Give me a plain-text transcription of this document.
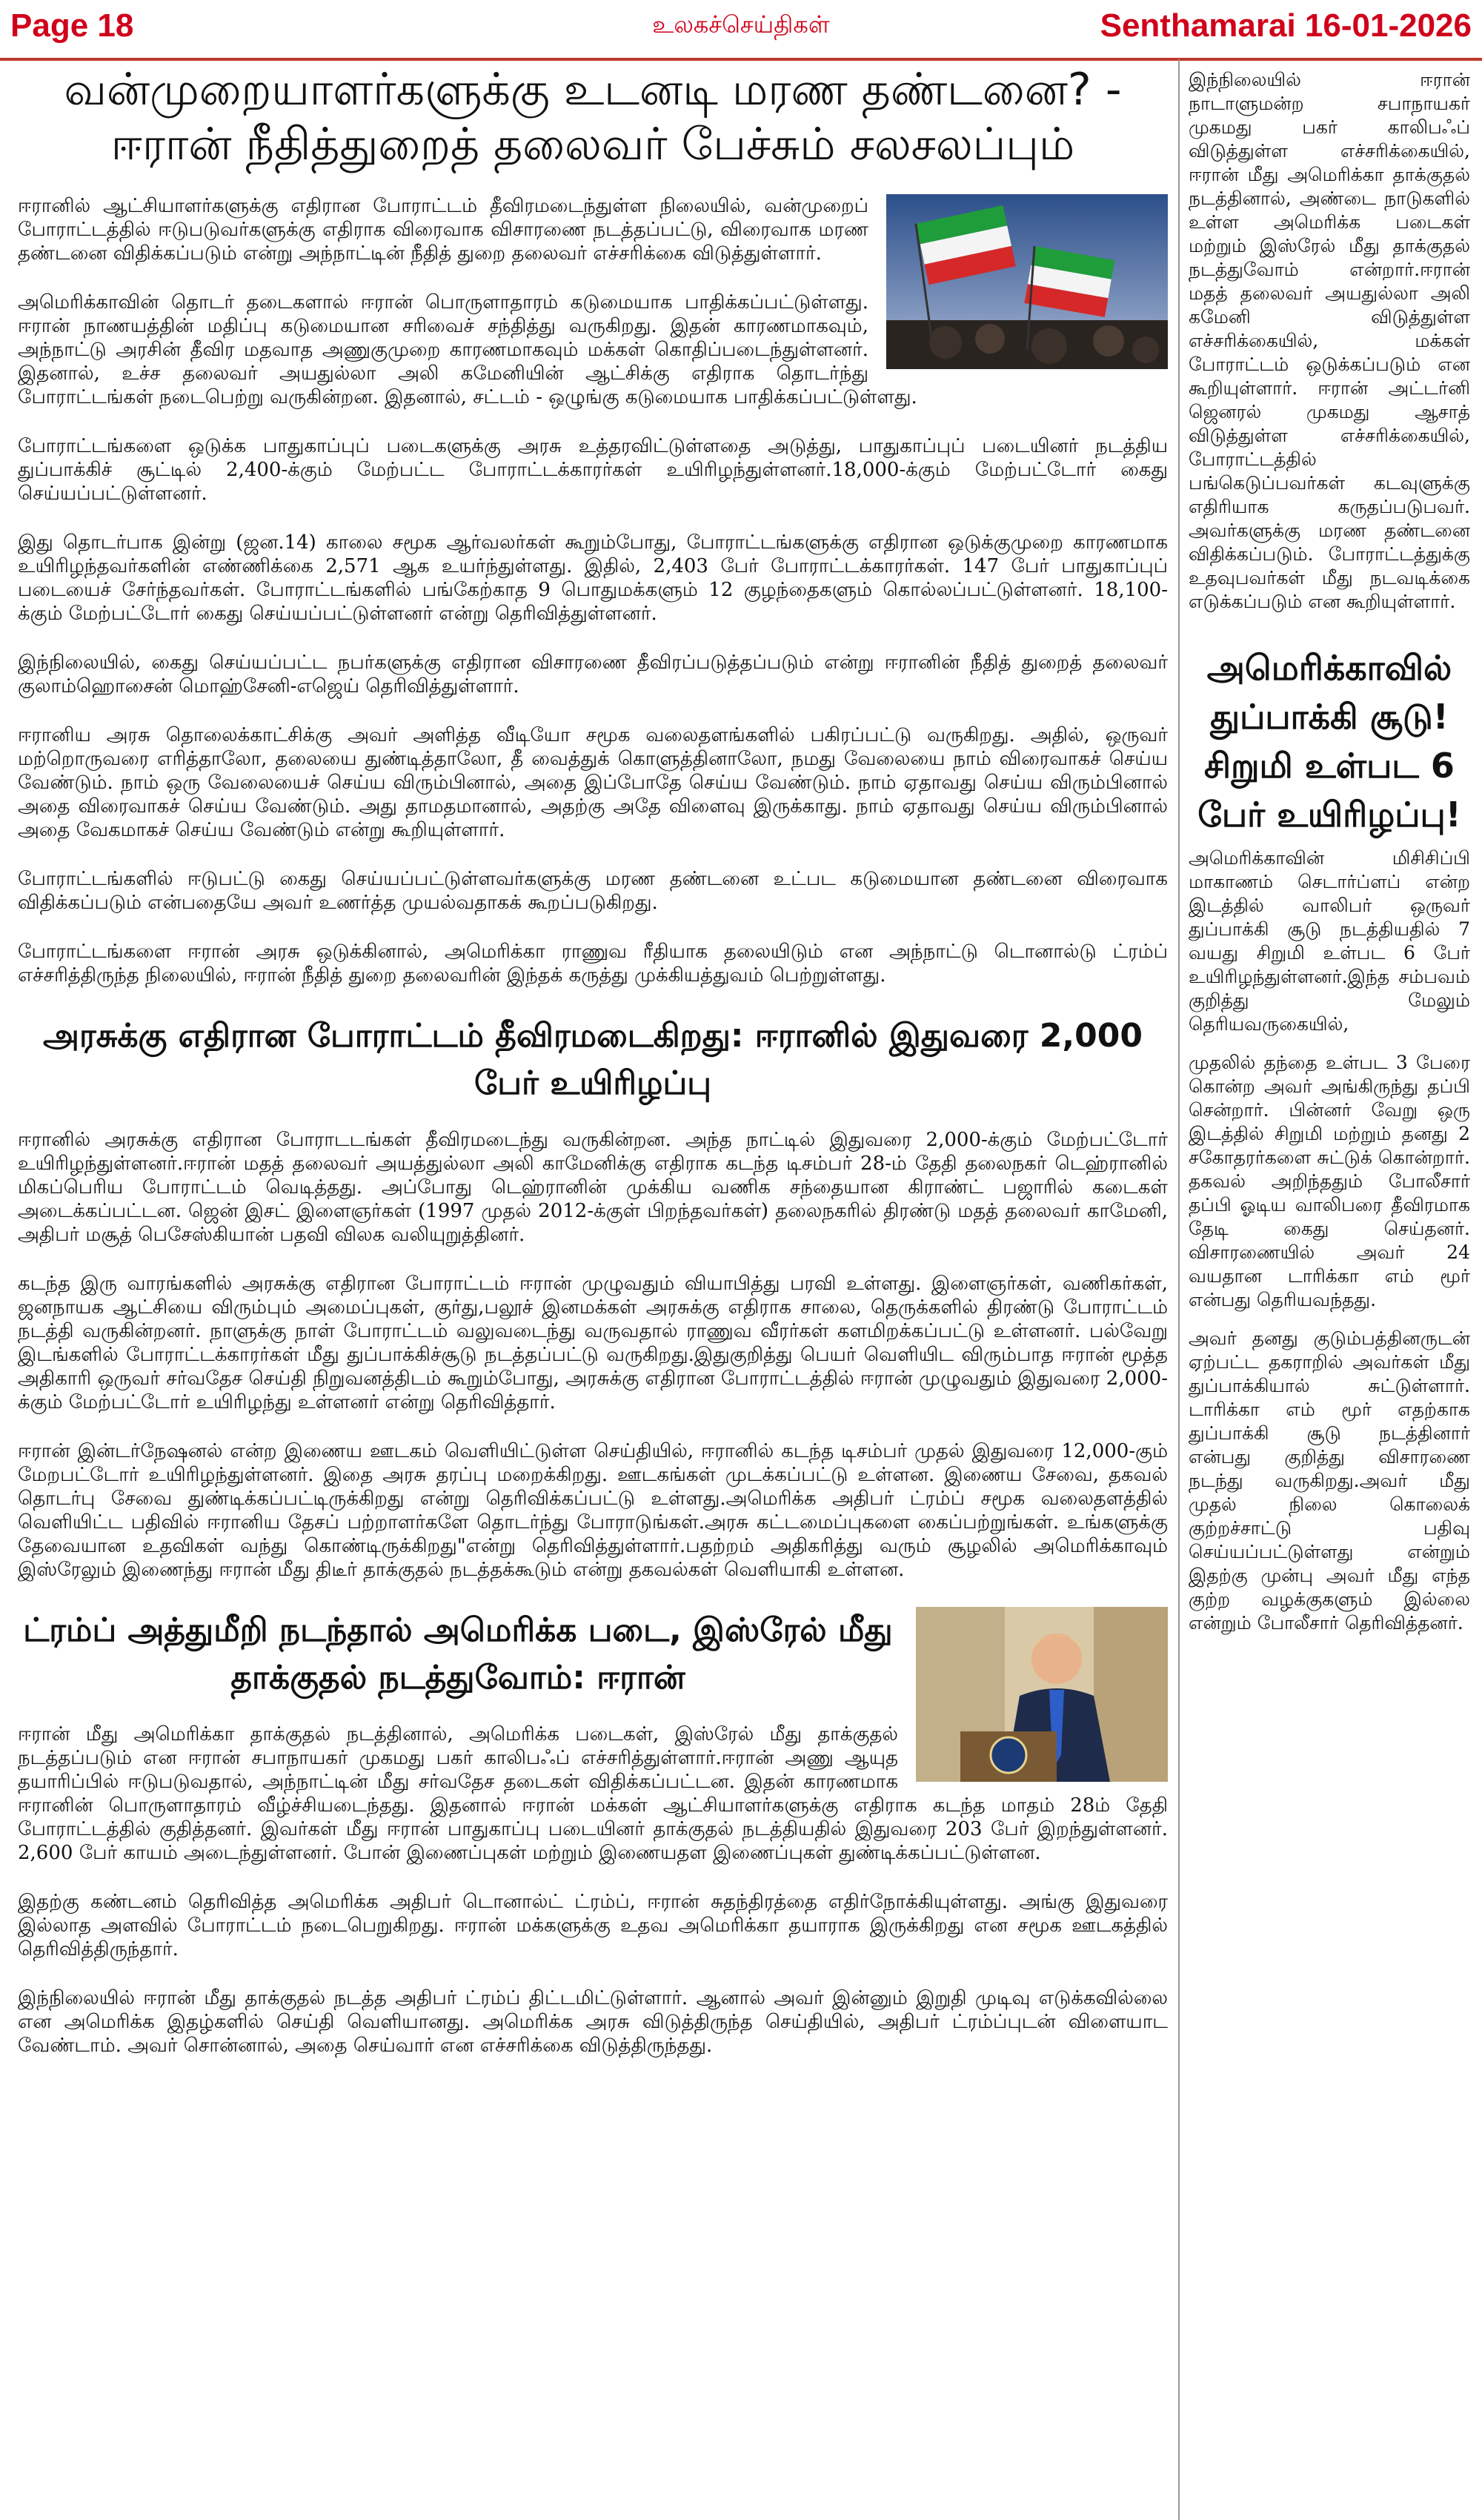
Page 18	உலகச்செய்திகள்	Senthamarai 16-01-2026
வன்முறையாளர்களுக்கு உடனடி மரண தண்டனை? - ஈரான் நீதித்துறைத் தலைவர் பேச்சும் சலசலப்பும்

ஈரானில் ஆட்சியாளர்களுக்கு எதிரான போராட்டம் தீவிரமடைந்துள்ள நிலையில், வன்முறைப் போராட்டத்தில் ஈடுபடுவர்களுக்கு எதிராக விரைவாக விசாரணை நடத்தப்பட்டு, விரைவாக மரண தண்டனை விதிக்கப்படும் என்று அந்நாட்டின் நீதித் துறை தலைவர் எச்சரிக்கை விடுத்துள்ளார்.

அமெரிக்காவின் தொடர் தடைகளால் ஈரான் பொருளாதாரம் கடுமையாக பாதிக்கப்பட்டுள்ளது. ஈரான் நாணயத்தின் மதிப்பு கடுமையான சரிவைச் சந்தித்து வருகிறது. இதன் காரணமாகவும், அந்நாட்டு அரசின் தீவிர மதவாத அணுகுமுறை காரணமாகவும் மக்கள் கொதிப்படைந்துள்ளனர். இதனால், உச்ச தலைவர் அயதுல்லா அலி கமேனியின் ஆட்சிக்கு எதிராக தொடர்ந்து போராட்டங்கள் நடைபெற்று வருகின்றன. இதனால், சட்டம் - ஒழுங்கு கடுமையாக பாதிக்கப்பட்டுள்ளது.

போராட்டங்களை ஒடுக்க பாதுகாப்புப் படைகளுக்கு அரசு உத்தரவிட்டுள்ளதை அடுத்து, பாதுகாப்புப் படையினர் நடத்திய துப்பாக்கிச் சூட்டில் 2,400-க்கும் மேற்பட்ட போராட்டக்காரர்கள் உயிரிழந்துள்ளனர்.18,000-க்கும் மேற்பட்டோர் கைது செய்யப்பட்டுள்ளனர்.

இது தொடர்பாக இன்று (ஜன.14) காலை சமூக ஆர்வலர்கள் கூறும்போது, போராட்டங்களுக்கு எதிரான ஒடுக்குமுறை காரணமாக உயிரிழந்தவர்களின் எண்ணிக்கை 2,571 ஆக உயர்ந்துள்ளது. இதில், 2,403 பேர் போராட்டக்காரர்கள். 147 பேர் பாதுகாப்புப் படையைச் சேர்ந்தவர்கள். போராட்டங்களில் பங்கேற்காத 9 பொதுமக்களும் 12 குழந்தைகளும் கொல்லப்பட்டுள்ளனர். 18,100-க்கும் மேற்பட்டோர் கைது செய்யப்பட்டுள்ளனர் என்று தெரிவித்துள்ளனர்.

இந்நிலையில், கைது செய்யப்பட்ட நபர்களுக்கு எதிரான விசாரணை தீவிரப்படுத்தப்படும் என்று ஈரானின் நீதித் துறைத் தலைவர் குலாம்ஹொசைன் மொஹ்சேனி-எஜெய் தெரிவித்துள்ளார்.

ஈரானிய அரசு தொலைக்காட்சிக்கு அவர் அளித்த வீடியோ சமூக வலைதளங்களில் பகிரப்பட்டு வருகிறது. அதில், ஒருவர் மற்றொருவரை எரித்தாலோ, தலையை துண்டித்தாலோ, தீ வைத்துக் கொளுத்தினாலோ, நமது வேலையை நாம் விரைவாகச் செய்ய வேண்டும். நாம் ஒரு வேலையைச் செய்ய விரும்பினால், அதை இப்போதே செய்ய வேண்டும். நாம் ஏதாவது செய்ய விரும்பினால் அதை விரைவாகச் செய்ய வேண்டும். அது தாமதமானால், அதற்கு அதே விளைவு இருக்காது. நாம் ஏதாவது செய்ய விரும்பினால் அதை வேகமாகச் செய்ய வேண்டும் என்று கூறியுள்ளார்.

போராட்டங்களில் ஈடுபட்டு கைது செய்யப்பட்டுள்ளவர்களுக்கு மரண தண்டனை உட்பட கடுமையான தண்டனை விரைவாக விதிக்கப்படும் என்பதையே அவர் உணர்த்த முயல்வதாகக் கூறப்படுகிறது.

போராட்டங்களை ஈரான் அரசு ஒடுக்கினால், அமெரிக்கா ராணுவ ரீதியாக தலையிடும் என அந்நாட்டு டொனால்டு ட்ரம்ப் எச்சரித்திருந்த நிலையில், ஈரான் நீதித் துறை தலைவரின் இந்தக் கருத்து முக்கியத்துவம் பெற்றுள்ளது.

அரசுக்கு எதிரான போராட்டம் தீவிரமடைகிறது: ஈரானில் இதுவரை 2,000 பேர் உயிரிழப்பு

ஈரானில் அரசுக்கு எதிரான போராடடங்கள் தீவிரமடைந்து வருகின்றன. அந்த நாட்டில் இதுவரை 2,000-க்கும் மேற்பட்டோர் உயிரிழந்துள்ளனர்.ஈரான் மதத் தலைவர் அயத்துல்லா அலி காமேனிக்கு எதிராக கடந்த டிசம்பர் 28-ம் தேதி தலைநகர் டெஹ்ரானில் மிகப்பெரிய போராட்டம் வெடித்தது. அப்போது டெஹ்ரானின் முக்கிய வணிக சந்தையான கிராண்ட் பஜாரில் கடைகள் அடைக்கப்பட்டன. ஜென் இசட் இளைஞர்கள் (1997 முதல் 2012-க்குள் பிறந்தவர்கள்) தலைநகரில் திரண்டு மதத் தலைவர் காமேனி, அதிபர் மசூத் பெசேஸ்கியான் பதவி விலக வலியுறுத்தினர்.

கடந்த இரு வாரங்களில் அரசுக்கு எதிரான போராட்டம் ஈரான் முழுவதும் வியாபித்து பரவி உள்ளது. இளைஞர்கள், வணிகர்கள், ஜனநாயக ஆட்சியை விரும்பும் அமைப்புகள், குர்து,பலூச் இனமக்கள் அரசுக்கு எதிராக சாலை, தெருக்களில் திரண்டு போராட்டம் நடத்தி வருகின்றனர். நாளுக்கு நாள் போராட்டம் வலுவடைந்து வருவதால் ராணுவ வீரர்கள் களமிறக்கப்பட்டு உள்ளனர். பல்வேறு இடங்களில் போராட்டக்காரர்கள் மீது துப்பாக்கிச்சூடு நடத்தப்பட்டு வருகிறது.இதுகுறித்து பெயர் வெளியிட விரும்பாத ஈரான் மூத்த அதிகாரி ஒருவர் சர்வதேச செய்தி நிறுவனத்திடம் கூறும்போது, அரசுக்கு எதிரான போராட்டத்தில் ஈரான் முழுவதும் இதுவரை 2,000-க்கும் மேற்பட்டோர் உயிரிழந்து உள்ளனர் என்று தெரிவித்தார்.

ஈரான் இன்டர்நேஷனல் என்ற இணைய ஊடகம் வெளியிட்டுள்ள செய்தியில், ஈரானில் கடந்த டிசம்பர் முதல் இதுவரை 12,000-கும் மேறபட்டோர் உயிரிழந்துள்ளனர். இதை அரசு தரப்பு மறைக்கிறது. ஊடகங்கள் முடக்கப்பட்டு உள்ளன. இணைய சேவை, தகவல் தொடர்பு சேவை துண்டிக்கப்பட்டிருக்கிறது என்று தெரிவிக்கப்பட்டு உள்ளது.அமெரிக்க அதிபர் ட்ரம்ப் சமூக வலைதளத்தில் வெளியிட்ட பதிவில் ஈரானிய தேசப் பற்றாளர்களே தொடர்ந்து போராடுங்கள்.அரசு கட்டமைப்புகளை கைப்பற்றுங்கள். உங்களுக்கு தேவையான உதவிகள் வந்து கொண்டிருக்கிறது"என்று தெரிவித்துள்ளார்.பதற்றம் அதிகரித்து வரும் சூழலில் அமெரிக்காவும் இஸ்ரேலும் இணைந்து ஈரான் மீது திடீர் தாக்குதல் நடத்தக்கூடும் என்று தகவல்கள் வெளியாகி உள்ளன.

ட்ரம்ப் அத்துமீறி நடந்தால் அமெரிக்க படை, இஸ்ரேல் மீது தாக்குதல் நடத்துவோம்: ஈரான்

ஈரான் மீது அமெரிக்கா தாக்குதல் நடத்தினால், அமெரிக்க படைகள், இஸ்ரேல் மீது தாக்குதல் நடத்தப்படும் என ஈரான் சபாநாயகர் முகமது பகர் காலிபஃப் எச்சரித்துள்ளார்.ஈரான் அணு ஆயுத தயாரிப்பில் ஈடுபடுவதால், அந்நாட்டின் மீது சர்வதேச தடைகள் விதிக்கப்பட்டன. இதன் காரணமாக ஈரானின் பொருளாதாரம் வீழ்ச்சியடைந்தது. இதனால் ஈரான் மக்கள் ஆட்சியாளர்களுக்கு எதிராக கடந்த மாதம் 28ம் தேதி போராட்டத்தில் குதித்தனர். இவர்கள் மீது ஈரான் பாதுகாப்பு படையினர் தாக்குதல் நடத்தியதில் இதுவரை 203 பேர் இறந்துள்ளனர். 2,600 பேர் காயம் அடைந்துள்ளனர். போன் இணைப்புகள் மற்றும் இணையதள இணைப்புகள் துண்டிக்கப்பட்டுள்ளன.

இதற்கு கண்டனம் தெரிவித்த அமெரிக்க அதிபர் டொனால்ட் ட்ரம்ப், ஈரான் சுதந்திரத்தை எதிர்நோக்கியுள்ளது. அங்கு இதுவரை இல்லாத அளவில் போராட்டம் நடைபெறுகிறது. ஈரான் மக்களுக்கு உதவ அமெரிக்கா தயாராக இருக்கிறது என சமூக ஊடகத்தில் தெரிவித்திருந்தார்.

இந்நிலையில் ஈரான் மீது தாக்குதல் நடத்த அதிபர் ட்ரம்ப் திட்டமிட்டுள்ளார். ஆனால் அவர் இன்னும் இறுதி முடிவு எடுக்கவில்லை என அமெரிக்க இதழ்களில் செய்தி வெளியானது. அமெரிக்க அரசு விடுத்திருந்த செய்தியில், அதிபர் ட்ரம்ப்புடன் விளையாட வேண்டாம். அவர் சொன்னால், அதை செய்வார் என எச்சரிக்கை விடுத்திருந்தது.

இந்நிலையில் ஈரான் நாடாளுமன்ற சபாநாயகர் முகமது பகர் காலிபஃப் விடுத்துள்ள எச்சரிக்கையில், ஈரான் மீது அமெரிக்கா தாக்குதல் நடத்தினால், அண்டை நாடுகளில் உள்ள அமெரிக்க படைகள் மற்றும் இஸ்ரேல் மீது தாக்குதல் நடத்துவோம் என்றார்.ஈரான் மதத் தலைவர் அயதுல்லா அலி கமேனி விடுத்துள்ள எச்சரிக்கையில், மக்கள் போராட்டம் ஒடுக்கப்படும் என கூறியுள்ளார். ஈரான் அட்டர்னி ஜெனரல் முகமது ஆசாத் விடுத்துள்ள எச்சரிக்கையில், போராட்டத்தில் பங்கெடுப்பவர்கள் கடவுளுக்கு எதிரியாக கருதப்படுபவர். அவர்களுக்கு மரண தண்டனை விதிக்கப்படும். போராட்டத்துக்கு உதவுபவர்கள் மீது நடவடிக்கை எடுக்கப்படும் என கூறியுள்ளார்.

அமெரிக்காவில் துப்பாக்கி சூடு! சிறுமி உள்பட 6 பேர் உயிரிழப்பு!

அமெரிக்காவின் மிசிசிப்பி மாகாணம் செடார்ப்ளப் என்ற இடத்தில் வாலிபர் ஒருவர் துப்பாக்கி சூடு நடத்தியதில் 7 வயது சிறுமி உள்பட 6 பேர் உயிரிழந்துள்ளனர்.இந்த சம்பவம் குறித்து மேலும் தெரியவருகையில்,

முதலில் தந்தை உள்பட 3 பேரை கொன்ற அவர் அங்கிருந்து தப்பி சென்றார். பின்னர் வேறு ஒரு இடத்தில் சிறுமி மற்றும் தனது 2 சகோதரர்களை சுட்டுக் கொன்றார். தகவல் அறிந்ததும் போலீசார் தப்பி ஓடிய வாலிபரை தீவிரமாக தேடி கைது செய்தனர். விசாரணையில் அவர் 24 வயதான டாரிக்கா எம் மூர் என்பது தெரியவந்தது.

அவர் தனது குடும்பத்தினருடன் ஏற்பட்ட தகராறில் அவர்கள் மீது துப்பாக்கியால் சுட்டுள்ளார். டாரிக்கா எம் மூர் எதற்காக துப்பாக்கி சூடு நடத்தினார் என்பது குறித்து விசாரணை நடந்து வருகிறது.அவர் மீது முதல் நிலை கொலைக் குற்றச்சாட்டு பதிவு செய்யப்பட்டுள்ளது என்றும் இதற்கு முன்பு அவர் மீது எந்த குற்ற வழக்குகளும் இல்லை என்றும் போலீசார் தெரிவித்தனர்.
